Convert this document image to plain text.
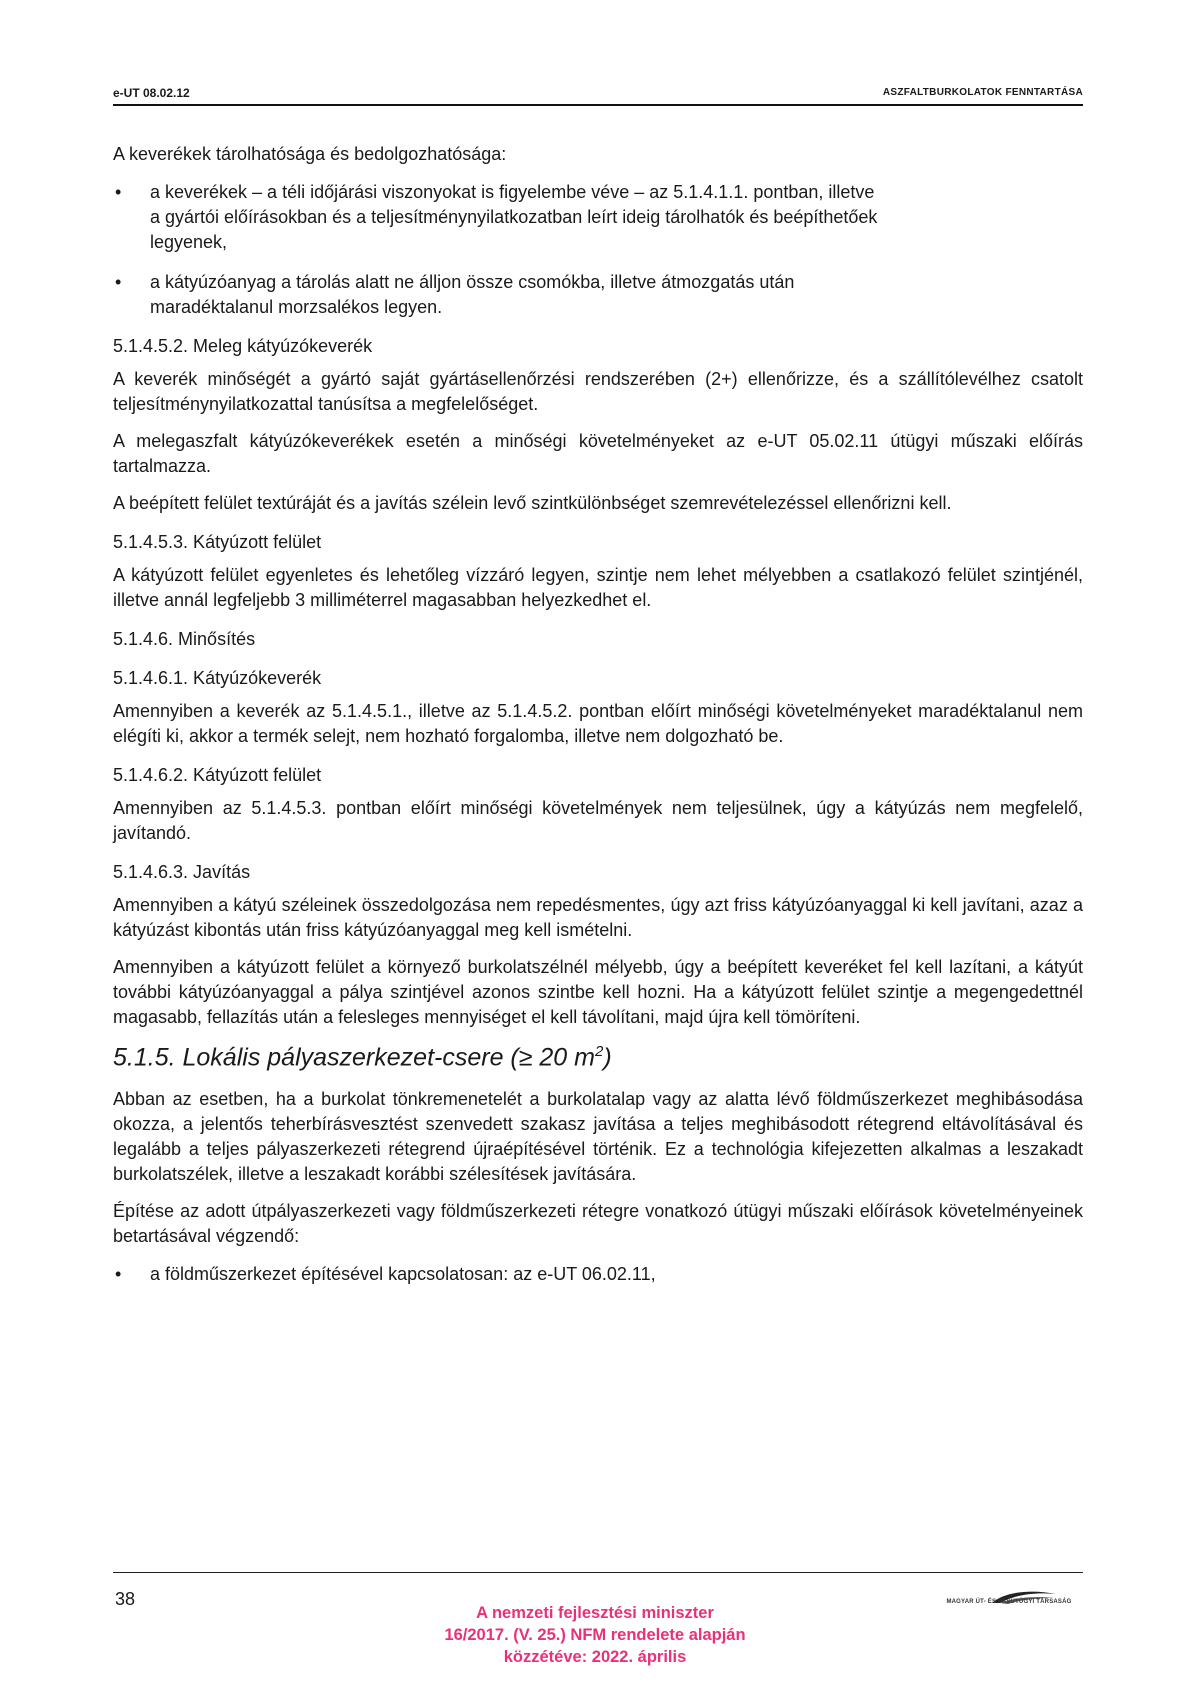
e-UT 08.02.12	ASZFALTBURKOLATOK FENNTARTÁSA

A keverékek tárolhatósága és bedolgozhatósága:

• a keverékek – a téli időjárási viszonyokat is figyelembe véve – az 5.1.4.1.1. pontban, illetve a gyártói előírásokban és a teljesítménynyilatkozatban leírt ideig tárolhatók és beépíthetőek legyenek,
• a kátyúzóanyag a tárolás alatt ne álljon össze csomókba, illetve átmozgatás után maradéktalanul morzsalékos legyen.
5.1.4.5.2. Meleg kátyúzókeverék

A keverék minőségét a gyártó saját gyártásellenőrzési rendszerében (2+) ellenőrizze, és a szállítólevélhez csatolt teljesítménynyilatkozattal tanúsítsa a megfelelőséget.

A melegaszfalt kátyúzókeverékek esetén a minőségi követelményeket az e-UT 05.02.11 útügyi műszaki előírás tartalmazza.

A beépített felület textúráját és a javítás szélein levő szintkülönbséget szemrevételezéssel ellenőrizni kell.

5.1.4.5.3. Kátyúzott felület

A kátyúzott felület egyenletes és lehetőleg vízzáró legyen, szintje nem lehet mélyebben a csatlakozó felület szintjénél, illetve annál legfeljebb 3 milliméterrel magasabban helyezkedhet el.

5.1.4.6. Minősítés
5.1.4.6.1. Kátyúzókeverék

Amennyiben a keverék az 5.1.4.5.1., illetve az 5.1.4.5.2. pontban előírt minőségi követelményeket maradéktalanul nem elégíti ki, akkor a termék selejt, nem hozható forgalomba, illetve nem dolgozható be.

5.1.4.6.2. Kátyúzott felület

Amennyiben az 5.1.4.5.3. pontban előírt minőségi követelmények nem teljesülnek, úgy a kátyúzás nem megfelelő, javítandó.

5.1.4.6.3. Javítás

Amennyiben a kátyú széleinek összedolgozása nem repedésmentes, úgy azt friss kátyúzóanyaggal ki kell javítani, azaz a kátyúzást kibontás után friss kátyúzóanyaggal meg kell ismételni.

Amennyiben a kátyúzott felület a környező burkolatszélnél mélyebb, úgy a beépített keveréket fel kell lazítani, a kátyút további kátyúzóanyaggal a pálya szintjével azonos szintbe kell hozni. Ha a kátyúzott felület szintje a megengedettnél magasabb, fellazítás után a felesleges mennyiséget el kell távolítani, majd újra kell tömöríteni.

5.1.5. Lokális pályaszerkezet-csere (≥ 20 $m^2$)

Abban az esetben, ha a burkolat tönkremenetelét a burkolatalap vagy az alatta lévő földműszerkezet meghibásodása okozza, a jelentős teherbírásvesztést szenvedett szakasz javítása a teljes meghibásodott rétegrend eltávolításával és legalább a teljes pályaszerkezeti rétegrend újraépítésével történik. Ez a technológia kifejezetten alkalmas a leszakadt burkolatszélek, illetve a leszakadt korábbi szélesítések javítására.

Építése az adott útpályaszerkezeti vagy földműszerkezeti rétegre vonatkozó útügyi műszaki előírások követelményeinek betartásával végzendő:

• a földműszerkezet építésével kapcsolatosan: az e-UT 06.02.11,
38	MAGYAR ÚT- ÉS VASÚTÜGYI TÁRSASÁG
A nemzeti fejlesztési miniszter
16/2017. (V. 25.) NFM rendelete alapján
közzétéve: 2022. április
